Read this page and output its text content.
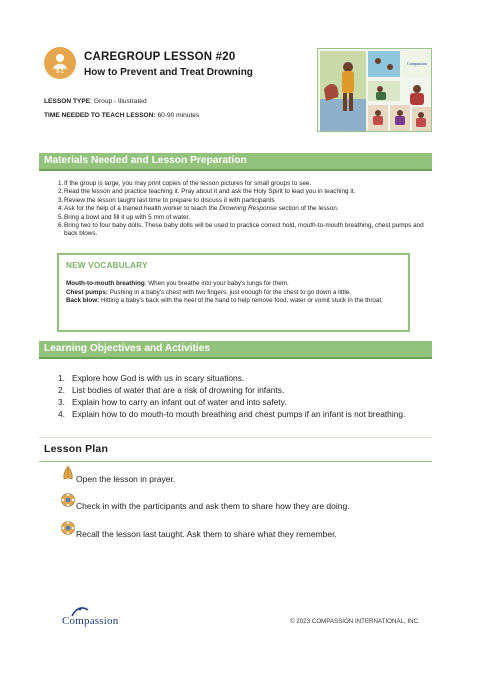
0-1
CAREGROUP LESSON #20
How to Prevent and Treat Drowning
LESSON TYPE: Group - Illustrated
TIME NEEDED TO TEACH LESSON: 60-90 minutes
Compassion
Materials Needed and Lesson Preparation
1. If the group is large, you may print copies of the lesson pictures for small groups to see.
2. Read the lesson and practice teaching it. Pray about it and ask the Holy Spirit to lead you in teaching it.
3. Review the lesson taught last time to prepare to discuss it with participants
4. Ask for the help of a trained health worker to teach the Drowning Response section of the lesson.
5. Bring a bowl and fill it up with 5 mm of water.
6. Bring two to four baby dolls. These baby dolls will be used to practice correct hold, mouth-to-mouth breathing, chest pumps and back blows.
NEW VOCABULARY

Mouth-to-mouth breathing: When you breathe into your baby's lungs for them.

Chest pumps: Pushing in a baby's chest with two fingers, just enough for the chest to go down a little.

Back blow: Hitting a baby's back with the heel of the hand to help remove food, water or vomit stuck in the throat.

Learning Objectives and Activities
1. Explore how God is with us in scary situations.
2. List bodies of water that are a risk of drowning for infants.
3. Explain how to carry an infant out of water and into safety.
4. Explain how to do mouth-to mouth breathing and chest pumps if an infant is not breathing.
Lesson Plan
Open the lesson in prayer.
Check in with the participants and ask them to share how they are doing.
Recall the lesson last taught. Ask them to share what they remember.
Compassion	© 2023 COMPASSION INTERNATIONAL, INC.
